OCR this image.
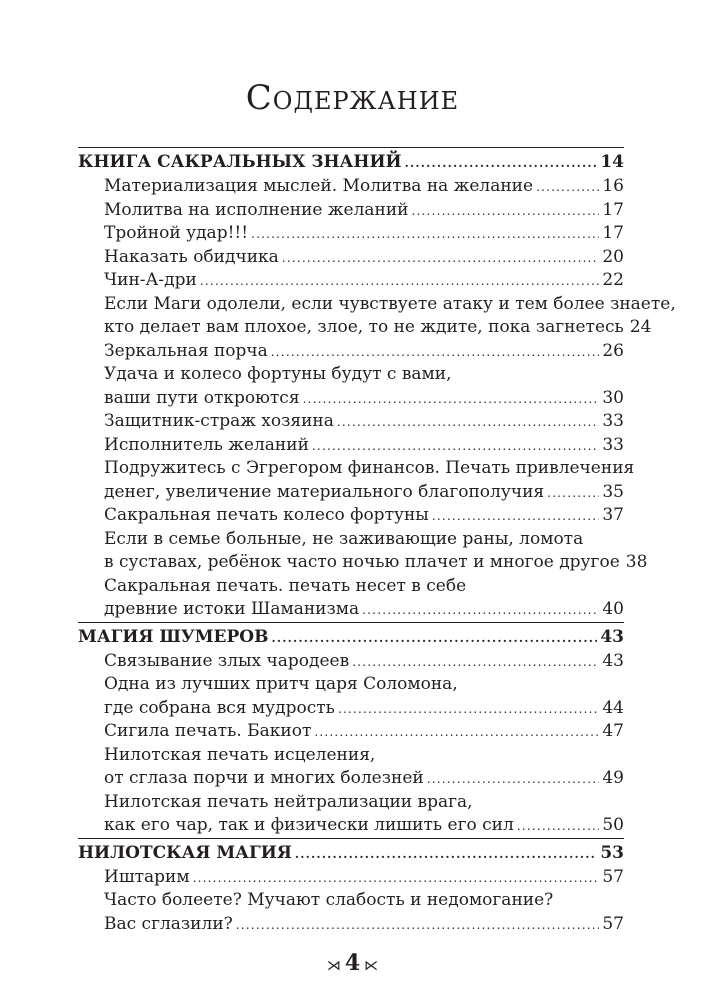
Содержание
КНИГА САКРАЛЬНЫХ ЗНАНИЙ .....	14
Материализация мыслей. Молитва на желание .....	16
Молитва на исполнение желаний .....	17
Тройной удар!!! .....	17
Наказать обидчика .....	20
Чин-А-дри .....	22
Если Маги одолели, если чувствуете атаку и тем более знаете,
кто делает вам плохое, злое, то не ждите, пока загнетесь 24
Зеркальная порча .....	26
Удача и колесо фортуны будут с вами,
ваши пути откроются .....	30
Защитник-страж хозяина .....	33
Исполнитель желаний .....	33
Подружитесь с Эгрегором финансов. Печать привлечения
денег, увеличение материального благополучия .....	35
Сакральная печать колесо фортуны .....	37
Если в семье больные, не заживающие раны, ломота
в суставах, ребёнок часто ночью плачет и многое другое 38
Сакральная печать. печать несет в себе
древние истоки Шаманизма .....	40
МАГИЯ ШУМЕРОВ .....	43
Связывание злых чародеев .....	43
Одна из лучших притч царя Соломона,
где собрана вся мудрость .....	44
Сигила печать. Бакиот .....	47
Нилотская печать исцеления,
от сглаза порчи и многих болезней .....	49
Нилотская печать нейтрализации врага,
как его чар, так и физически лишить его сил .....	50
НИЛОТСКАЯ МАГИЯ .....	53
Иштарим .....	57
Часто болеете? Мучают слабость и недомогание?
Вас сглазили? .....	57
⋊ 4 ⋉
